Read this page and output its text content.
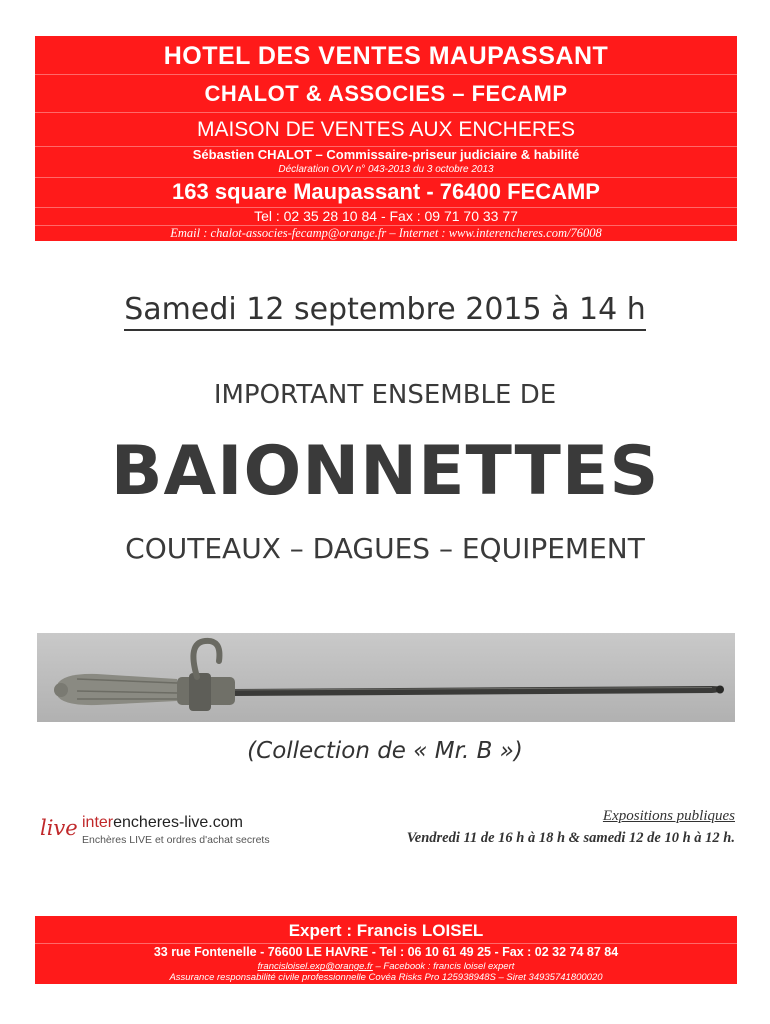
HOTEL DES VENTES MAUPASSANT
CHALOT & ASSOCIES – FECAMP
MAISON DE VENTES AUX ENCHERES
Sébastien CHALOT – Commissaire-priseur judiciaire & habilité
Déclaration OVV n° 043-2013 du 3 octobre 2013
163 square Maupassant - 76400 FECAMP
Tel : 02 35 28 10 84 - Fax : 09 71 70 33 77
Email : chalot-associes-fecamp@orange.fr – Internet : www.interencheres.com/76008
Samedi 12 septembre 2015 à 14 h
IMPORTANT ENSEMBLE DE
BAIONNETTES
COUTEAUX – DAGUES – EQUIPEMENT
(Collection de « Mr. B »)
live interencheres-live.com
Enchères LIVE et ordres d'achat secrets
Expositions publiques
Vendredi 11 de 16 h à 18 h & samedi 12 de 10 h à 12 h.
Expert : Francis LOISEL
33 rue Fontenelle - 76600 LE HAVRE - Tel : 06 10 61 49 25 - Fax : 02 32 74 87 84
francisloisel.exp@orange.fr – Facebook : francis loisel expert
Assurance responsabilité civile professionnelle Covéa Risks Pro 125938948S – Siret 34935741800020
